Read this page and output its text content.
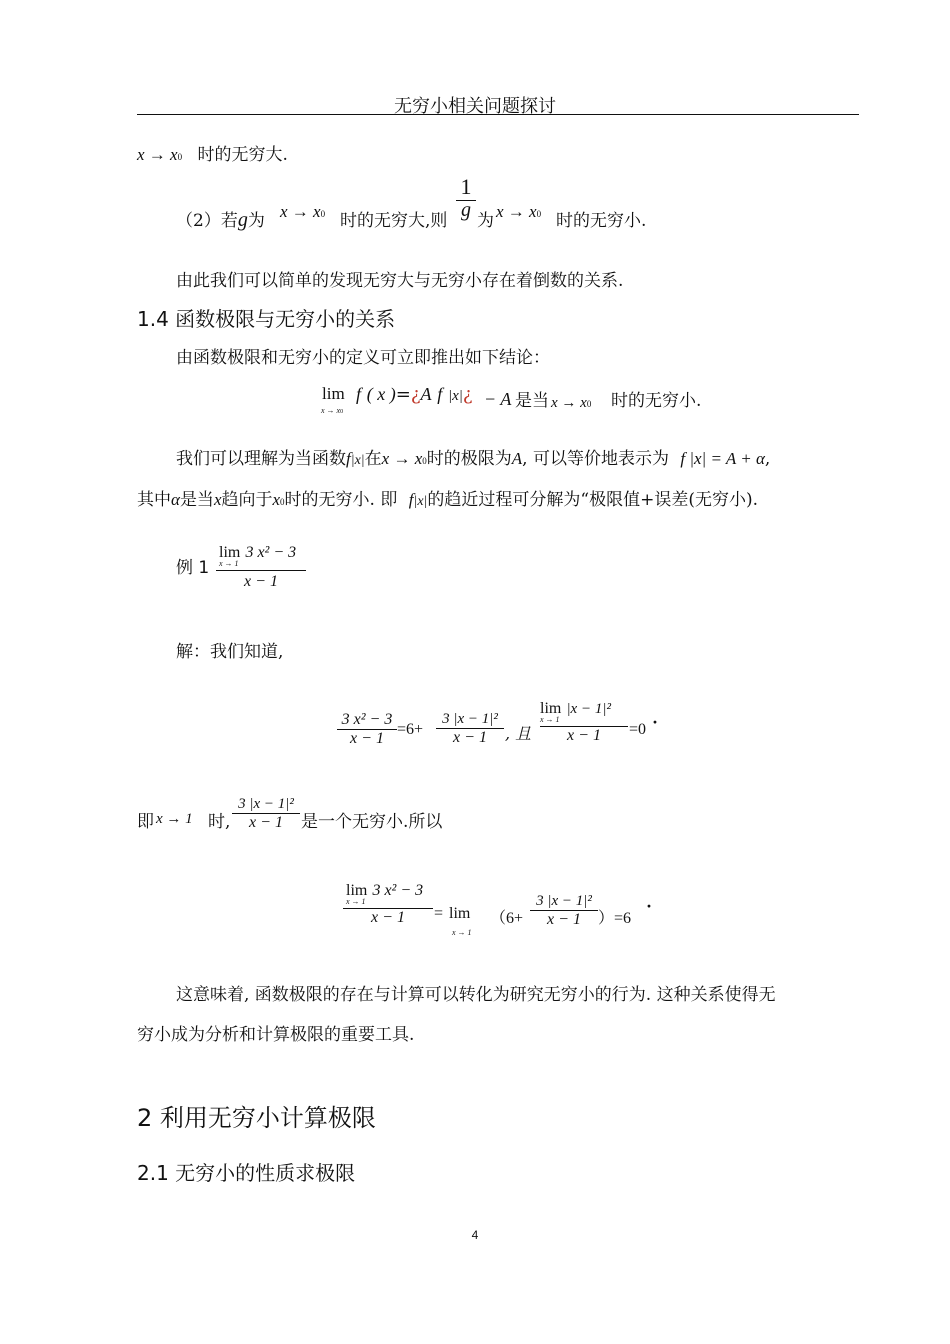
无穷小相关问题探讨
x → x0 时的无穷大.
（2）若g为 x → x0 时的无穷大,则
1
g 为 x → x0 时的无穷小.
由此我们可以简单的发现无穷大与无穷小存在着倒数的关系.
1.4 函数极限与无穷小的关系
由函数极限和无穷小的定义可立即推出如下结论：
lim
x → x0
f ( x )=¿A f |x|¿ − A 是当 x → x0 时的无穷小.
我们可以理解为当函数f|x|在x → x0时的极限为A, 可以等价地表示为 f |x| = A + α,
其中α是当x趋向于x0时的无穷小. 即 f|x|的趋近过程可分解为“极限值+误差(无穷小).
例 1
lim 3 x² − 3
x → 1
x − 1
解：我们知道,
3 x² − 3
x − 1
=6+
3 |x − 1|²
x − 1	, 且
lim |x − 1|²
x → 1
x − 1	=0 ·
即 x → 1 时,
3 |x − 1|²
x − 1	是一个无穷小.所以
lim 3 x² − 3
x → 1
x − 1	= lim
x → 1
（6+
3 |x − 1|²
x − 1	）=6
·
这意味着, 函数极限的存在与计算可以转化为研究无穷小的行为. 这种关系使得无
穷小成为分析和计算极限的重要工具.
2 利用无穷小计算极限
2.1 无穷小的性质求极限
4
